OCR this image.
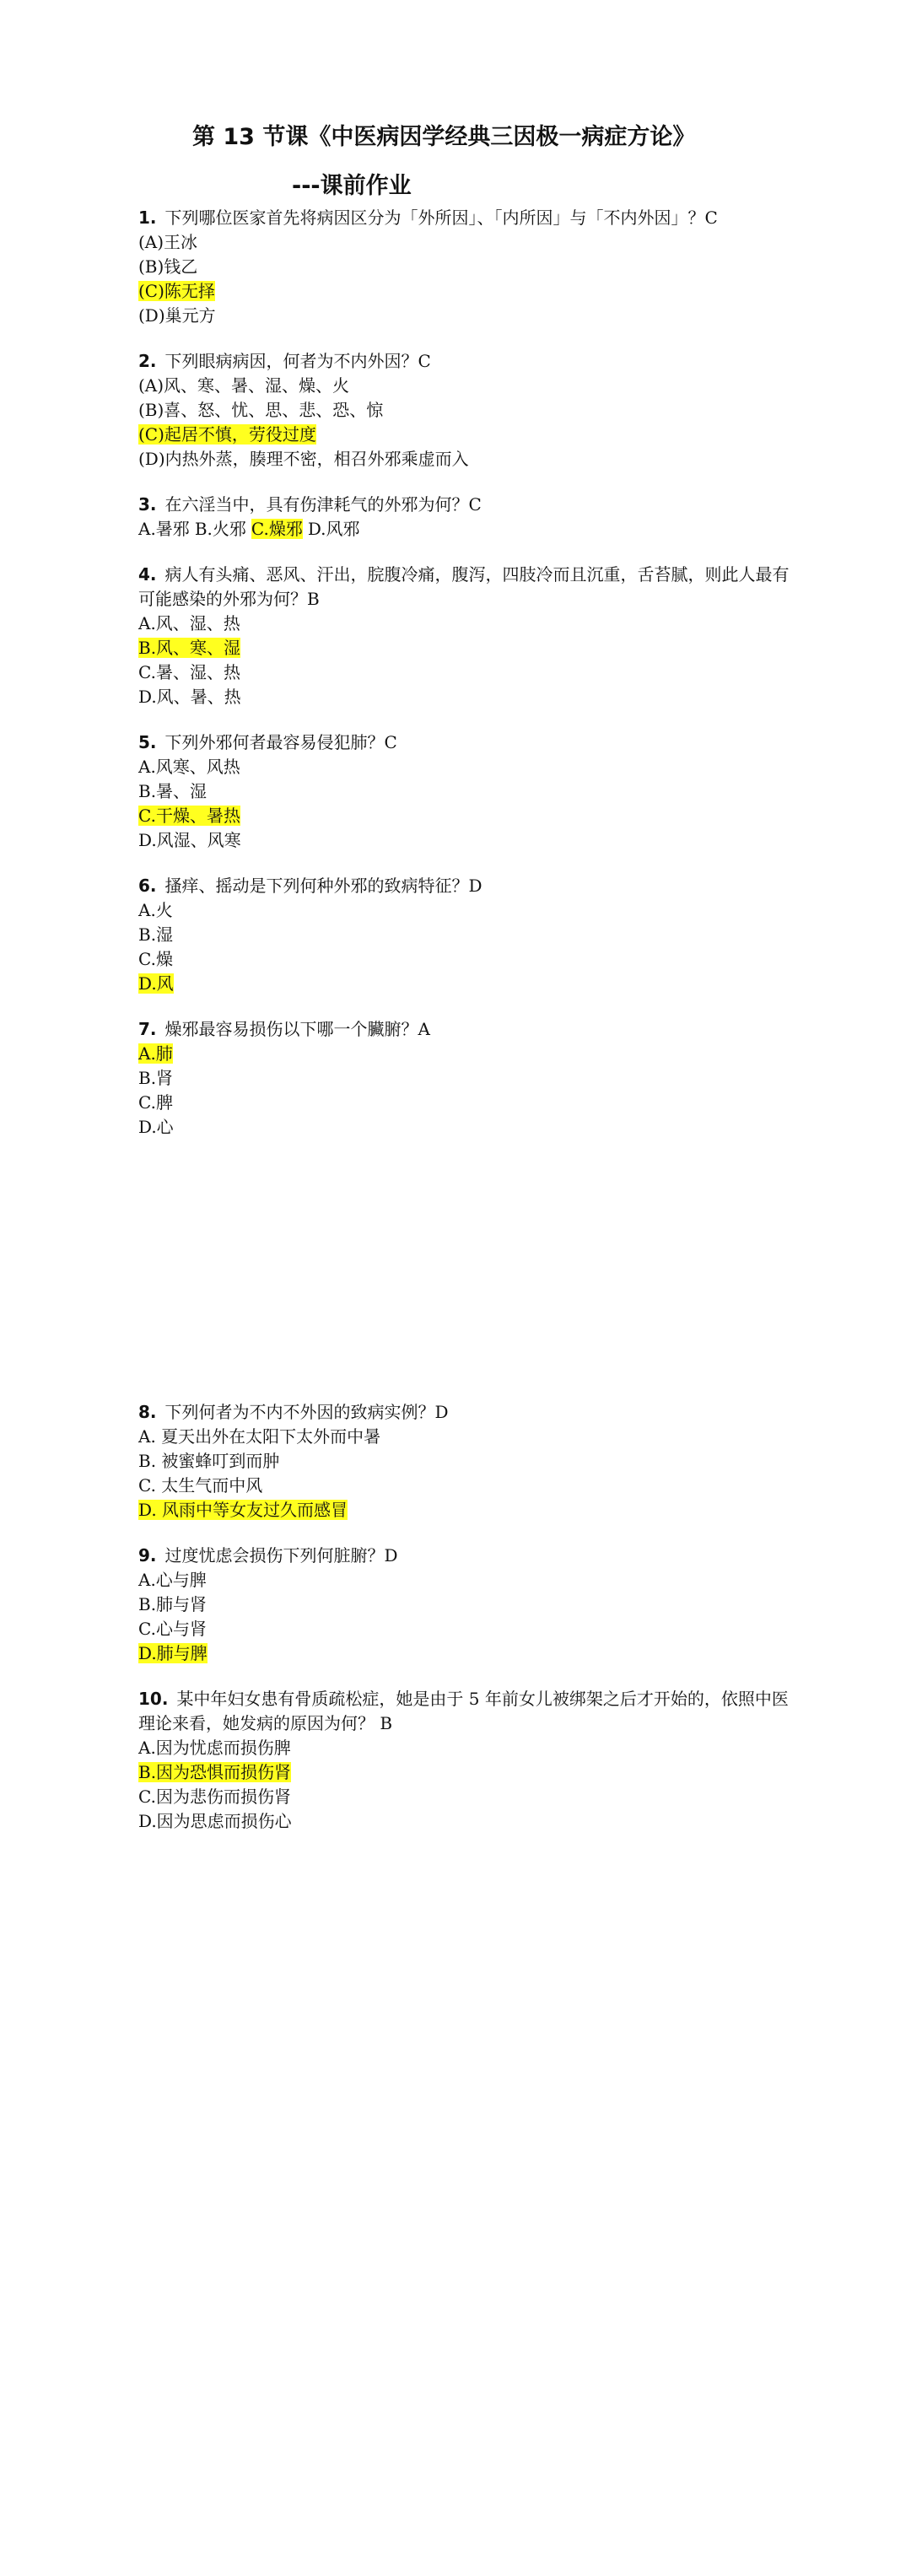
第 13 节课《中医病因学经典三因极一病症方论》
---课前作业
1. 下列哪位医家首先将病因区分为「外所因」、「内所因」与「不内外因」？C
(A)王冰
(B)钱乙
(C)陈无择
(D)巢元方
2. 下列眼病病因，何者为不内外因？C
(A)风、寒、暑、湿、燥、火
(B)喜、怒、忧、思、悲、恐、惊
(C)起居不慎，劳役过度
(D)内热外蒸，腠理不密，相召外邪乘虚而入
3. 在六淫当中，具有伤津耗气的外邪为何？C
A.暑邪 B.火邪 C.燥邪 D.风邪
4. 病人有头痛、恶风、汗出，脘腹冷痛，腹泻，四肢冷而且沉重，舌苔腻，则此人最有可能感染的外邪为何？B
A.风、湿、热
B.风、寒、湿
C.暑、湿、热
D.风、暑、热
5. 下列外邪何者最容易侵犯肺？C
A.风寒、风热
B.暑、湿
C.干燥、暑热
D.风湿、风寒
6. 搔痒、摇动是下列何种外邪的致病特征？D
A.火
B.湿
C.燥
D.风
7. 燥邪最容易损伤以下哪一个臟腑？A
A.肺
B.肾
C.脾
D.心
8. 下列何者为不内不外因的致病实例？D
A. 夏天出外在太阳下太外而中暑
B. 被蜜蜂叮到而肿
C. 太生气而中风
D. 风雨中等女友过久而感冒
9. 过度忧虑会损伤下列何脏腑？D
A.心与脾
B.肺与肾
C.心与肾
D.肺与脾
10. 某中年妇女患有骨质疏松症，她是由于 5 年前女儿被绑架之后才开始的，依照中医理论来看，她发病的原因为何？ B
A.因为忧虑而损伤脾
B.因为恐惧而损伤肾
C.因为悲伤而损伤肾
D.因为思虑而损伤心
